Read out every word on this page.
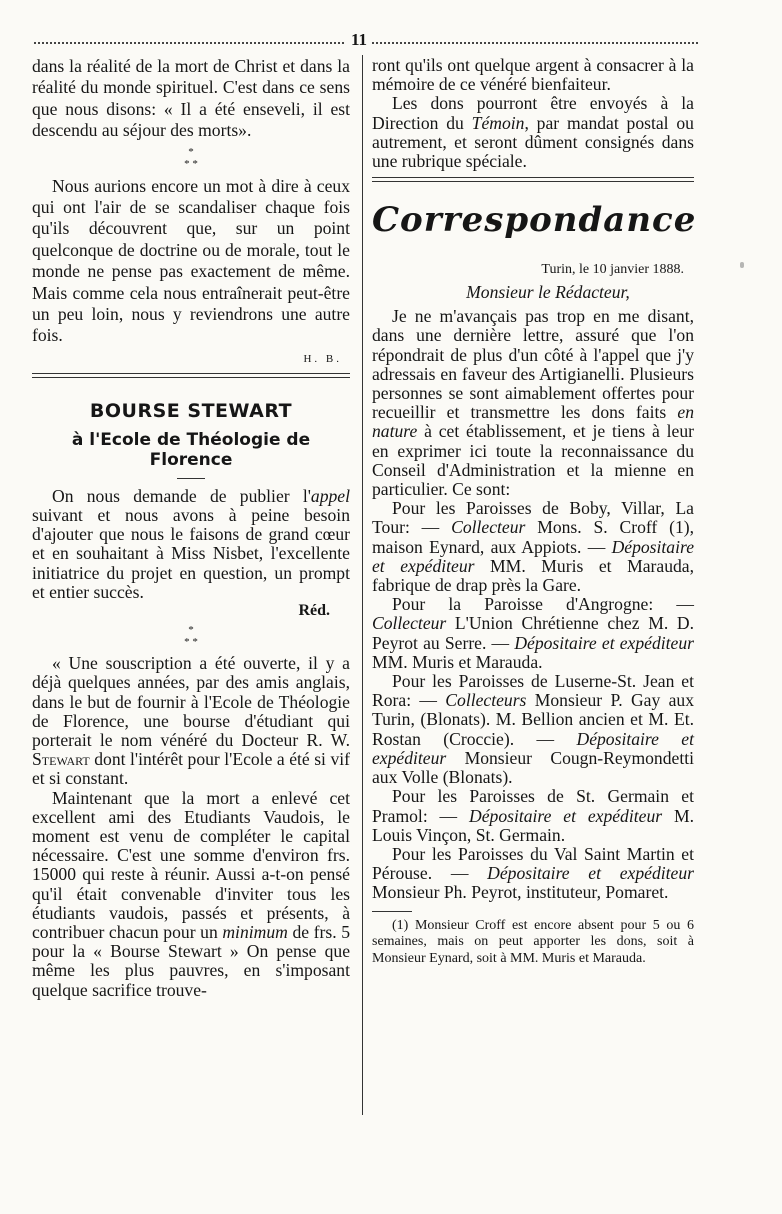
11

dans la réalité de la mort de Christ et dans la réalité du monde spirituel. C'est dans ce sens que nous disons: « Il a été enseveli, il est descendu au séjour des morts».

*
* *

Nous aurions encore un mot à dire à ceux qui ont l'air de se scandaliser chaque fois qu'ils découvrent que, sur un point quelconque de doctrine ou de morale, tout le monde ne pense pas exactement de même. Mais comme cela nous entraînerait peut-être un peu loin, nous y reviendrons une autre fois.

H. B.
BOURSE STEWART
à l'Ecole de Théologie de Florence

On nous demande de publier l'appel suivant et nous avons à peine besoin d'ajouter que nous le faisons de grand cœur et en souhaitant à Miss Nisbet, l'excellente initiatrice du projet en question, un prompt et entier succès.

Réd.
*
* *

« Une souscription a été ouverte, il y a déjà quelques années, par des amis anglais, dans le but de fournir à l'Ecole de Théologie de Florence, une bourse d'étudiant qui porterait le nom vénéré du Docteur R. W. Stewart dont l'intérêt pour l'Ecole a été si vif et si constant.

Maintenant que la mort a enlevé cet excellent ami des Etudiants Vaudois, le moment est venu de compléter le capital nécessaire. C'est une somme d'environ frs. 15000 qui reste à réunir. Aussi a-t-on pensé qu'il était convenable d'inviter tous les étudiants vaudois, passés et présents, à contribuer chacun pour un minimum de frs. 5 pour la « Bourse Stewart » On pense que même les plus pauvres, en s'imposant quelque sacrifice trouve-

ront qu'ils ont quelque argent à consacrer à la mémoire de ce vénéré bienfaiteur.

Les dons pourront être envoyés à la Direction du Témoin, par mandat postal ou autrement, et seront dûment consignés dans une rubrique spéciale.

Correspondance
Turin, le 10 janvier 1888.
Monsieur le Rédacteur,

Je ne m'avançais pas trop en me disant, dans une dernière lettre, assuré que l'on répondrait de plus d'un côté à l'appel que j'y adressais en faveur des Artigianelli. Plusieurs personnes se sont aimablement offertes pour recueillir et transmettre les dons faits en nature à cet établissement, et je tiens à leur en exprimer ici toute la reconnaissance du Conseil d'Administration et la mienne en particulier. Ce sont:

Pour les Paroisses de Boby, Villar, La Tour: — Collecteur Mons. S. Croff (1), maison Eynard, aux Appiots. — Dépositaire et expéditeur MM. Muris et Marauda, fabrique de drap près la Gare.

Pour la Paroisse d'Angrogne: — Collecteur L'Union Chrétienne chez M. D. Peyrot au Serre. — Dépositaire et expéditeur MM. Muris et Marauda.

Pour les Paroisses de Luserne-St. Jean et Rora: — Collecteurs Monsieur P. Gay aux Turin, (Blonats). M. Bellion ancien et M. Et. Rostan (Croccie). — Dépositaire et expéditeur Monsieur Cougn-Reymondetti aux Volle (Blonats).

Pour les Paroisses de St. Germain et Pramol: — Dépositaire et expéditeur M. Louis Vinçon, St. Germain.

Pour les Paroisses du Val Saint Martin et Pérouse. — Dépositaire et expéditeur Monsieur Ph. Peyrot, instituteur, Pomaret.

(1) Monsieur Croff est encore absent pour 5 ou 6 semaines, mais on peut apporter les dons, soit à Monsieur Eynard, soit à MM. Muris et Marauda.
